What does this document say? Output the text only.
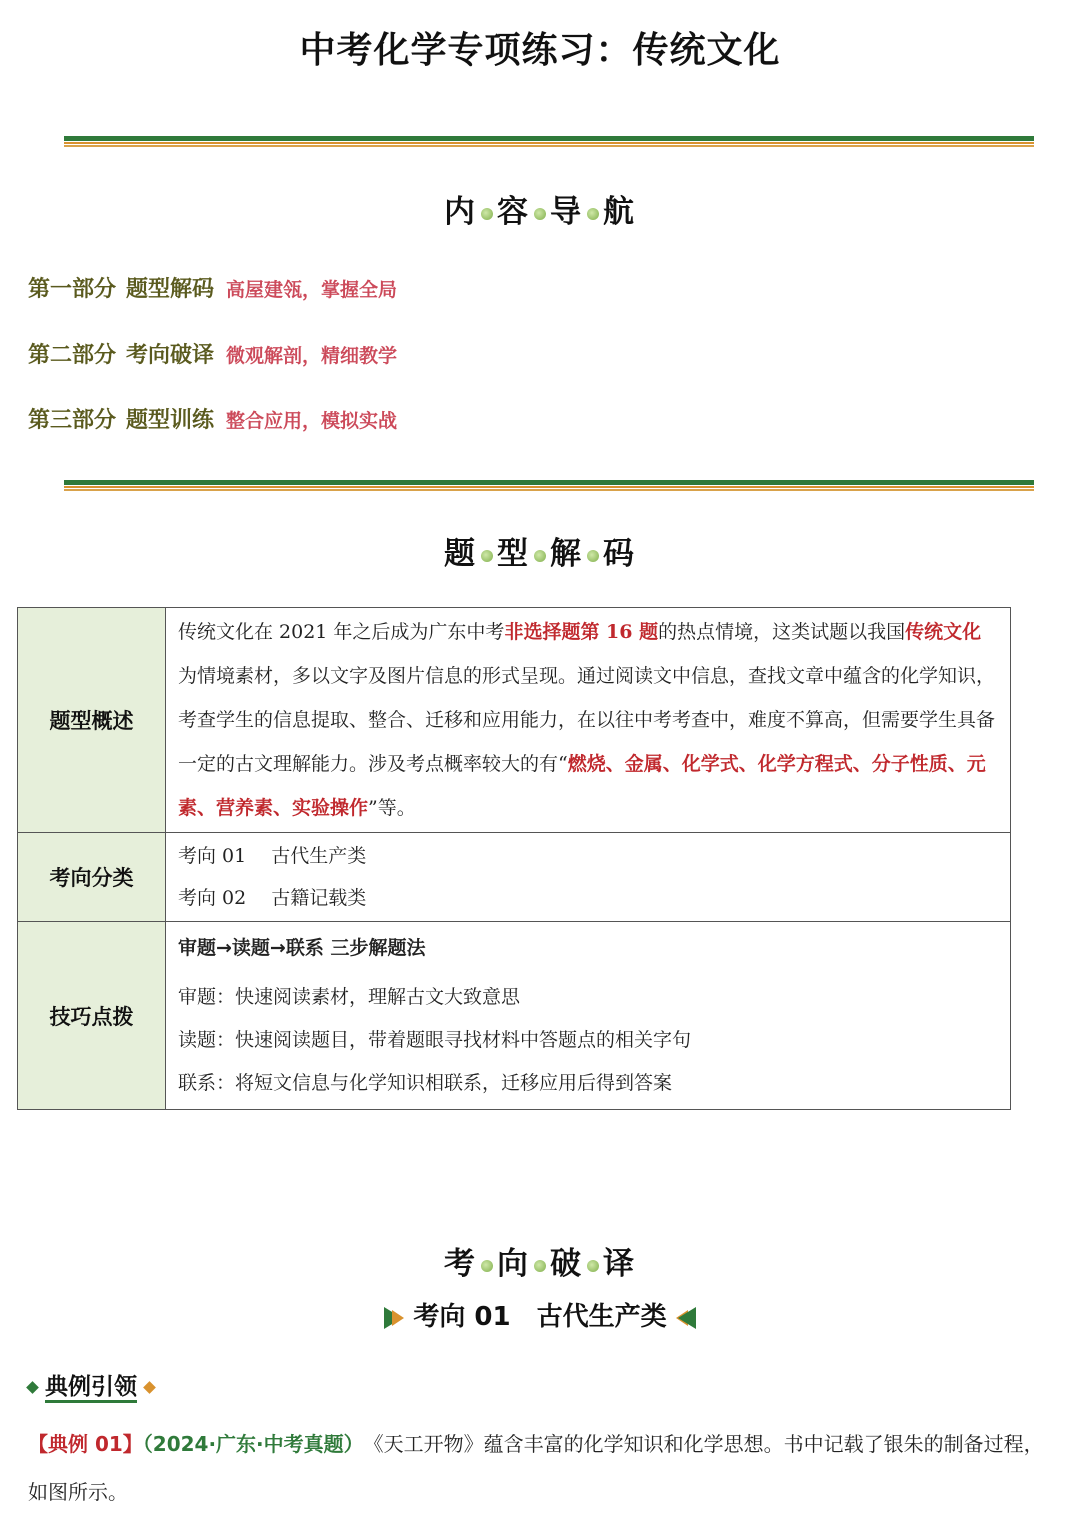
中考化学专项练习：传统文化
内 容 导 航
第一部分 题型解码 高屋建瓴，掌握全局
第二部分 考向破译 微观解剖，精细教学
第三部分 题型训练 整合应用，模拟实战
题 型 解 码
题型概述	传统文化在 2021 年之后成为广东中考非选择题第 16 题的热点情境，这类试题以我国传统文化为情境素材，多以文字及图片信息的形式呈现。通过阅读文中信息，查找文章中蕴含的化学知识，考查学生的信息提取、整合、迁移和应用能力，在以往中考考查中，难度不算高，但需要学生具备一定的古文理解能力。涉及考点概率较大的有“燃烧、金属、化学式、化学方程式、分子性质、元素、营养素、实验操作”等。
考向分类	考向 01　 古代生产类
考向 02　 古籍记载类

技巧点拨	审题→读题→联系 三步解题法
审题：快速阅读素材，理解古文大致意思
读题：快速阅读题目，带着题眼寻找材料中答题点的相关字句
联系：将短文信息与化学知识相联系，迁移应用后得到答案
考 向 破 译
考向 01　古代生产类
典例引领
【典例 01】（2024·广东·中考真题）　《天工开物》蕴含丰富的化学知识和化学思想。书中记载了银朱的制备过程，如图所示。
